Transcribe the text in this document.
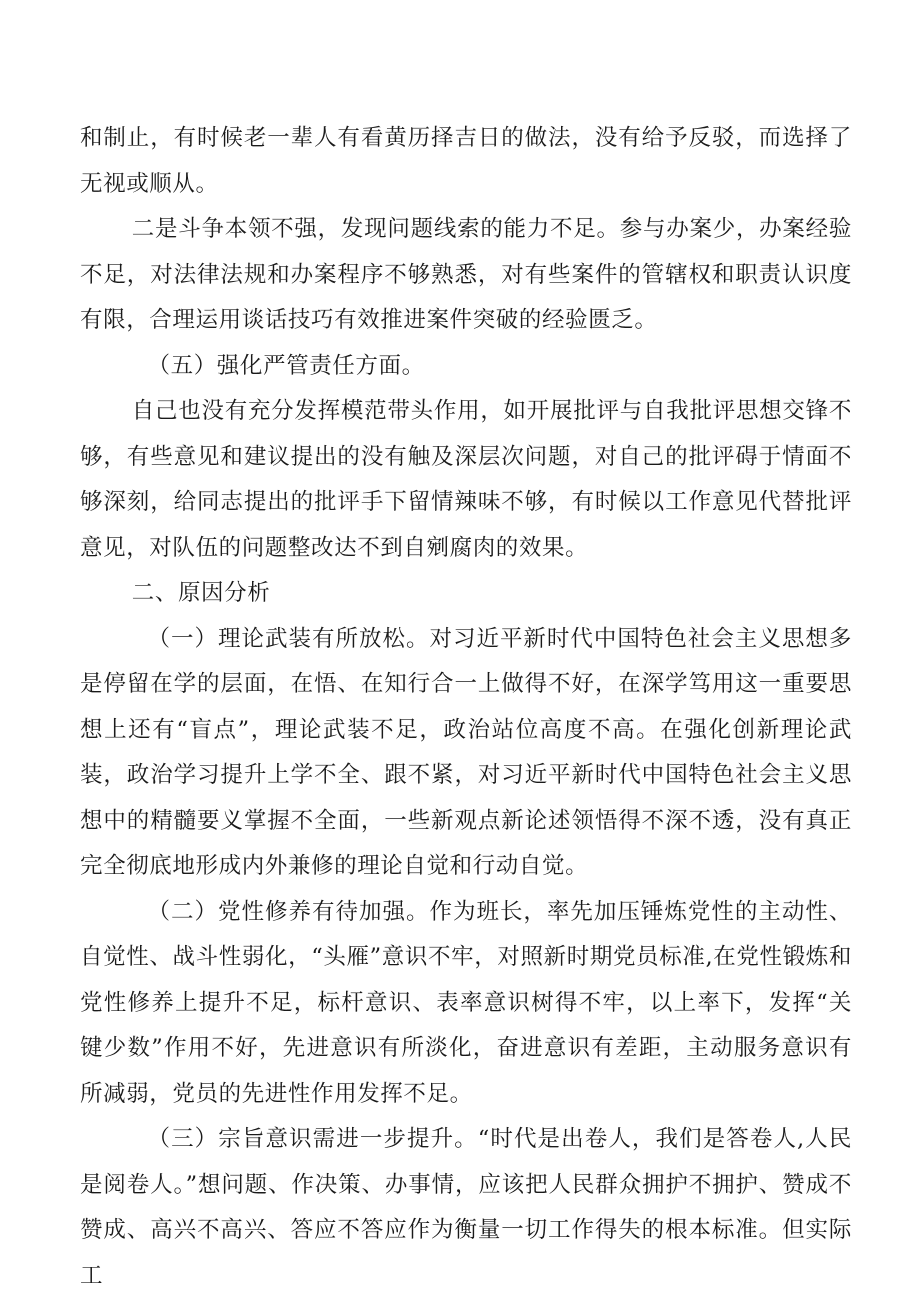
和制止，有时候老一辈人有看黄历择吉日的做法，没有给予反驳，而选择了无视或顺从。

二是斗争本领不强，发现问题线索的能力不足。参与办案少，办案经验不足，对法律法规和办案程序不够熟悉，对有些案件的管辖权和职责认识度有限，合理运用谈话技巧有效推进案件突破的经验匮乏。

（五）强化严管责任方面。

自己也没有充分发挥模范带头作用，如开展批评与自我批评思想交锋不够，有些意见和建议提出的没有触及深层次问题，对自己的批评碍于情面不够深刻，给同志提出的批评手下留情辣味不够，有时候以工作意见代替批评意见，对队伍的问题整改达不到自剜腐肉的效果。

二、原因分析

（一）理论武装有所放松。对习近平新时代中国特色社会主义思想多是停留在学的层面，在悟、在知行合一上做得不好，在深学笃用这一重要思想上还有“盲点”，理论武装不足，政治站位高度不高。在强化创新理论武装，政治学习提升上学不全、跟不紧，对习近平新时代中国特色社会主义思想中的精髓要义掌握不全面，一些新观点新论述领悟得不深不透，没有真正完全彻底地形成内外兼修的理论自觉和行动自觉。

（二）党性修养有待加强。作为班长，率先加压锤炼党性的主动性、自觉性、战斗性弱化，“头雁”意识不牢，对照新时期党员标准,在党性锻炼和党性修养上提升不足，标杆意识、表率意识树得不牢，以上率下，发挥“关键少数”作用不好，先进意识有所淡化，奋进意识有差距，主动服务意识有所减弱，党员的先进性作用发挥不足。

（三）宗旨意识需进一步提升。“时代是出卷人，我们是答卷人,人民是阅卷人。”想问题、作决策、办事情，应该把人民群众拥护不拥护、赞成不赞成、高兴不高兴、答应不答应作为衡量一切工作得失的根本标准。但实际工
